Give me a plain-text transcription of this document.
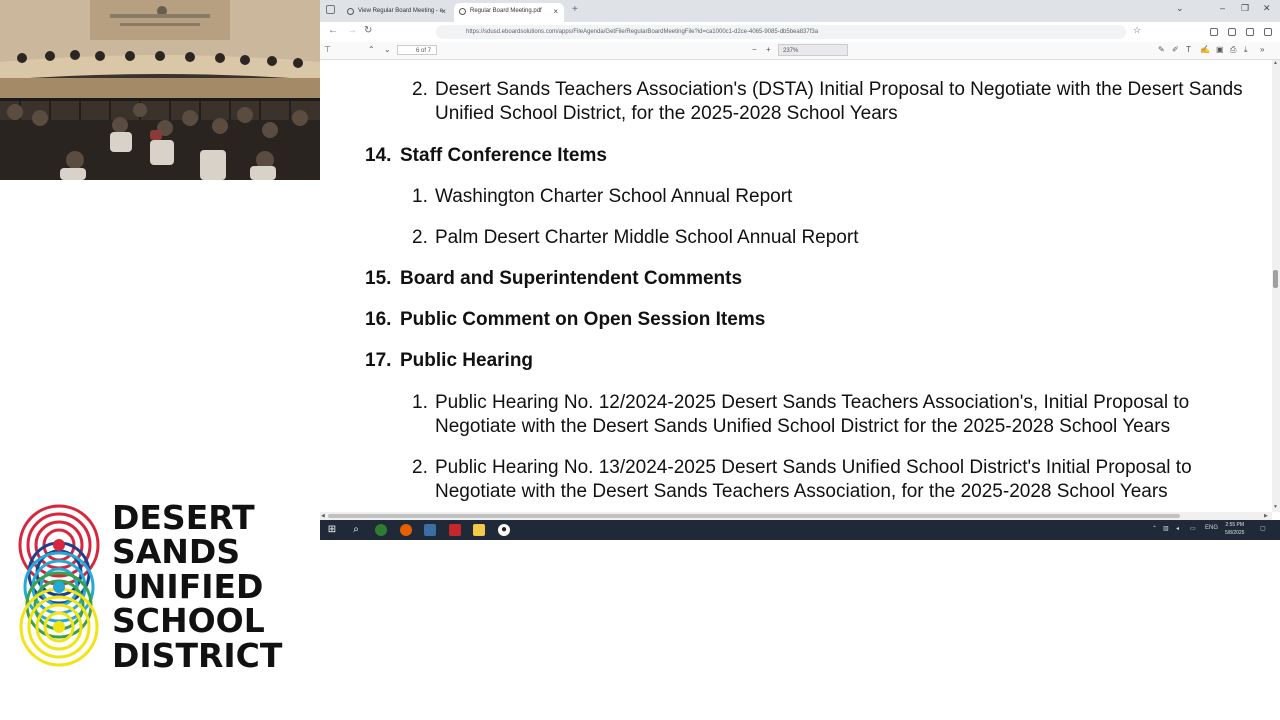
View Regular Board Meeting - e
×	Regular Board Meeting.pdf × +	⌄	– ❐ ✕
← → ↻	https://sdusd.eboardsolutions.com/apps/FileAgenda/GetFile/RegularBoardMeetingFile?id=ca1000c1-d2ce-4065-9085-db5bea837f3a	☆
⊤	⌃ ⌄	6 of 7	− +	237%	✎ ✐ T ✍ ▣ ⎙ ⤓ »
2. Desert Sands Teachers Association's (DSTA) Initial Proposal to Negotiate with the Desert Sands
Unified School District, for the 2025-2028 School Years
14. Staff Conference Items
1. Washington Charter School Annual Report
2. Palm Desert Charter Middle School Annual Report
15. Board and Superintendent Comments
16. Public Comment on Open Session Items
17. Public Hearing
1. Public Hearing No. 12/2024-2025 Desert Sands Teachers Association's, Initial Proposal to
Negotiate with the Desert Sands Unified School District for the 2025-2028 School Years
2. Public Hearing No. 13/2024-2025 Desert Sands Unified School District's Initial Proposal to
Negotiate with the Desert Sands Teachers Association, for the 2025-2028 School Years
▲
▼
◀	▶
⊞	⌕	●	⌃ ▥ ◂ ▭ ENG 2:55 PM
5/8/2025
▢
DESERT
SANDS
UNIFIED
SCHOOL
DISTRICT
